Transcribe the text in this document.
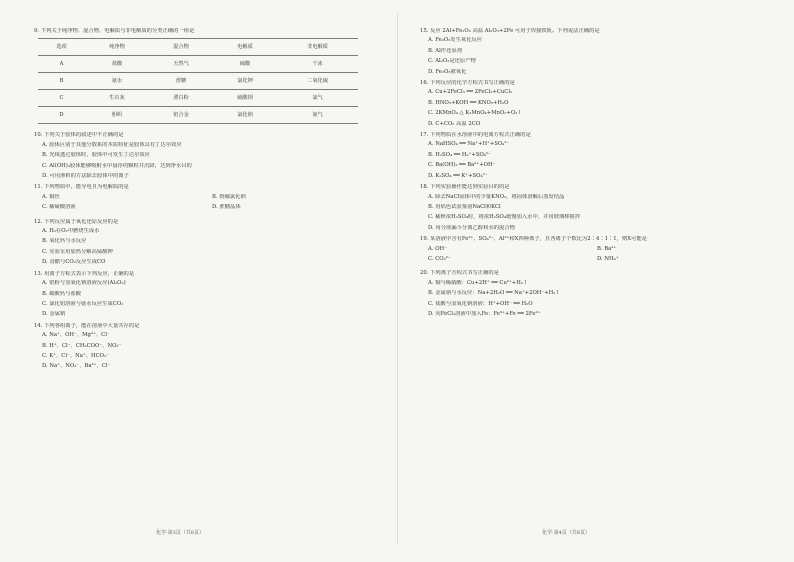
9. 下列关于纯净物、混合物、电解质与非电解质的分类正确的一组是
选项	纯净物	混合物	电解质	非电解质
A	盐酸	天然气	硫酸	干冰
B	氨水	蔗糖	氯化钾	二氧化硫
C	生石灰	漂白粉	硫酸钡	氯气
D	胆矾	铝合金	氯化钠	氨气
10. 下列关于胶体的叙述中不正确的是
A. 胶体区别于其他分散系的本质特征是胶体具有丁达尔效应
B. 光线透过胶体时，胶体中可发生丁达尔效应
C. Al(OH)₃胶体能够吸附水中悬浮的颗粒并沉降，达到净水目的
D. 可用渗析的方法除去胶体中的离子
11. 下列物质中，能导电且为电解质的是
A. 铜丝	B. 熔融氯化钠
C. 稀硫酸溶液	D. 蔗糖晶体
12. 下列反应属于氧化还原反应的是
A. H₂在O₂中燃烧生成水
B. 氧化钙与水反应
C. 实验室用加热分解高锰酸钾
D. 食醋与CO₂反应生成CO
13. 用离子方程式表示下列反应，正确的是
A. 铝粉与氢氧化钠溶液反应(Al₂O₃)
B. 碳酸钙与盐酸
C. 氯化铝溶液与氨水反应生成CO₂
D. 金属钠
14. 下列各组离子，能在溶液中大量共存的是
A. Na⁺、OH⁻、Mg²⁺、Cl⁻
B. H⁺、Cl⁻、CH₃COO⁻、NO₃⁻
C. K⁺、Cl⁻、Na⁺、HCO₃⁻
D. Na⁺、NO₃⁻、Ba²⁺、Cl⁻
15. 反应 2Al+Fe₂O₃ 高温 Al₂O₃+2Fe 可用于焊接铁轨。下列说法正确的是
A. Fe₂O₃发生氧化反应
B. Al作还原剂
C. Al₂O₃是还原产物
D. Fe₂O₃被氧化
16. 下列反应的化学方程式书写正确的是
A. Cu+2FeCl₃ ══ 2FeCl₂+CuCl₂
B. HNO₃+KOH ══ KNO₃+H₂O
C. 2KMnO₄ △ K₂MnO₄+MnO₂+O₂↑
D. C+CO₂ 高温 2CO
17. 下列物质在水溶液中的电离方程式正确的是
A. NaHSO₄ ══ Na⁺+H⁺+SO₄²⁻
B. H₂SO₄ ══ H₂⁺+SO₄²⁻
C. Ba(OH)₂ ══ Ba²⁺+OH⁻
D. K₂SO₄ ══ K⁺+SO₄²⁻
18. 下列实验操作能达到实验目的的是
A. 除去NaCl固体中的少量KNO₃，将固体溶解后蒸发结晶
B. 用焰色试验鉴别NaCl和KCl
C. 稀释浓H₂SO₄时，将浓H₂SO₄缓慢加入水中，并用玻璃棒搅拌
D. 用分液漏斗分离乙醇和水的混合物
19. 某溶液中含有Fe³⁺、SO₄²⁻、Al³⁺和X四种离子，且各离子个数比为2∶4∶1∶1，则X可能是
A. OH⁻	B. Ba²⁺
C. CO₃²⁻	D. NH₄⁺
20. 下列离子方程式书写正确的是
A. 铜与稀硝酸：Cu+2H⁺ ══ Cu²⁺+H₂↑
B. 金属钠与水反应：Na+2H₂O ══ Na⁺+2OH⁻+H₂↑
C. 盐酸与氢氧化钠溶液：H⁺+OH⁻ ══ H₂O
D. 向FeCl₃溶液中加入Fe：Fe³⁺+Fe ══ 2Fe²⁺
化学·第3页（共8页）	化学·第4页（共8页）
